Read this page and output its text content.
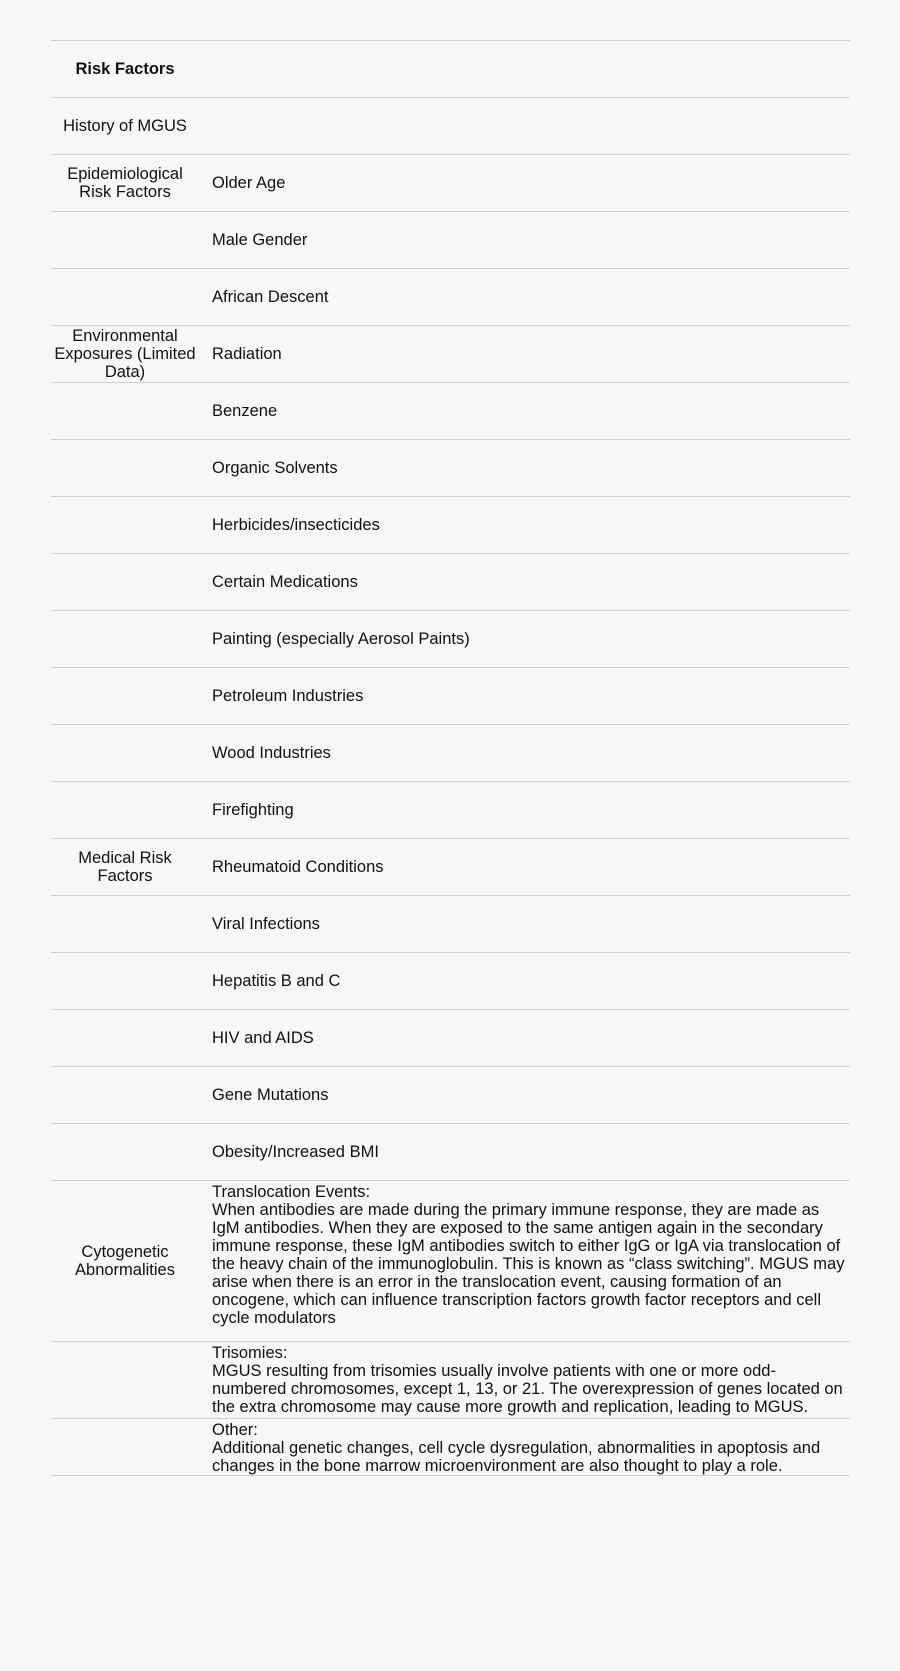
Risk Factors
History of MGUS
Epidemiological Risk Factors	Older Age
Male Gender
African Descent
Environmental Exposures (Limited Data)
Radiation
Benzene
Organic Solvents
Herbicides/insecticides
Certain Medications
Painting (especially Aerosol Paints)
Petroleum Industries
Wood Industries
Firefighting
Medical Risk Factors	Rheumatoid Conditions
Viral Infections
Hepatitis B and C
HIV and AIDS
Gene Mutations
Obesity/Increased BMI
Cytogenetic Abnormalities
Translocation Events:
When antibodies are made during the primary immune response, they are made as IgM antibodies. When they are exposed to the same antigen again in the secondary immune response, these IgM antibodies switch to either IgG or IgA via translocation of the heavy chain of the immunoglobulin. This is known as “class switching”. MGUS may arise when there is an error in the translocation event, causing formation of an oncogene, which can influence transcription factors growth factor receptors and cell cycle modulators
Trisomies:
MGUS resulting from trisomies usually involve patients with one or more odd-numbered chromosomes, except 1, 13, or 21. The overexpression of genes located on the extra chromosome may cause more growth and replication, leading to MGUS.
Other:
Additional genetic changes, cell cycle dysregulation, abnormalities in apoptosis and changes in the bone marrow microenvironment are also thought to play a role.
